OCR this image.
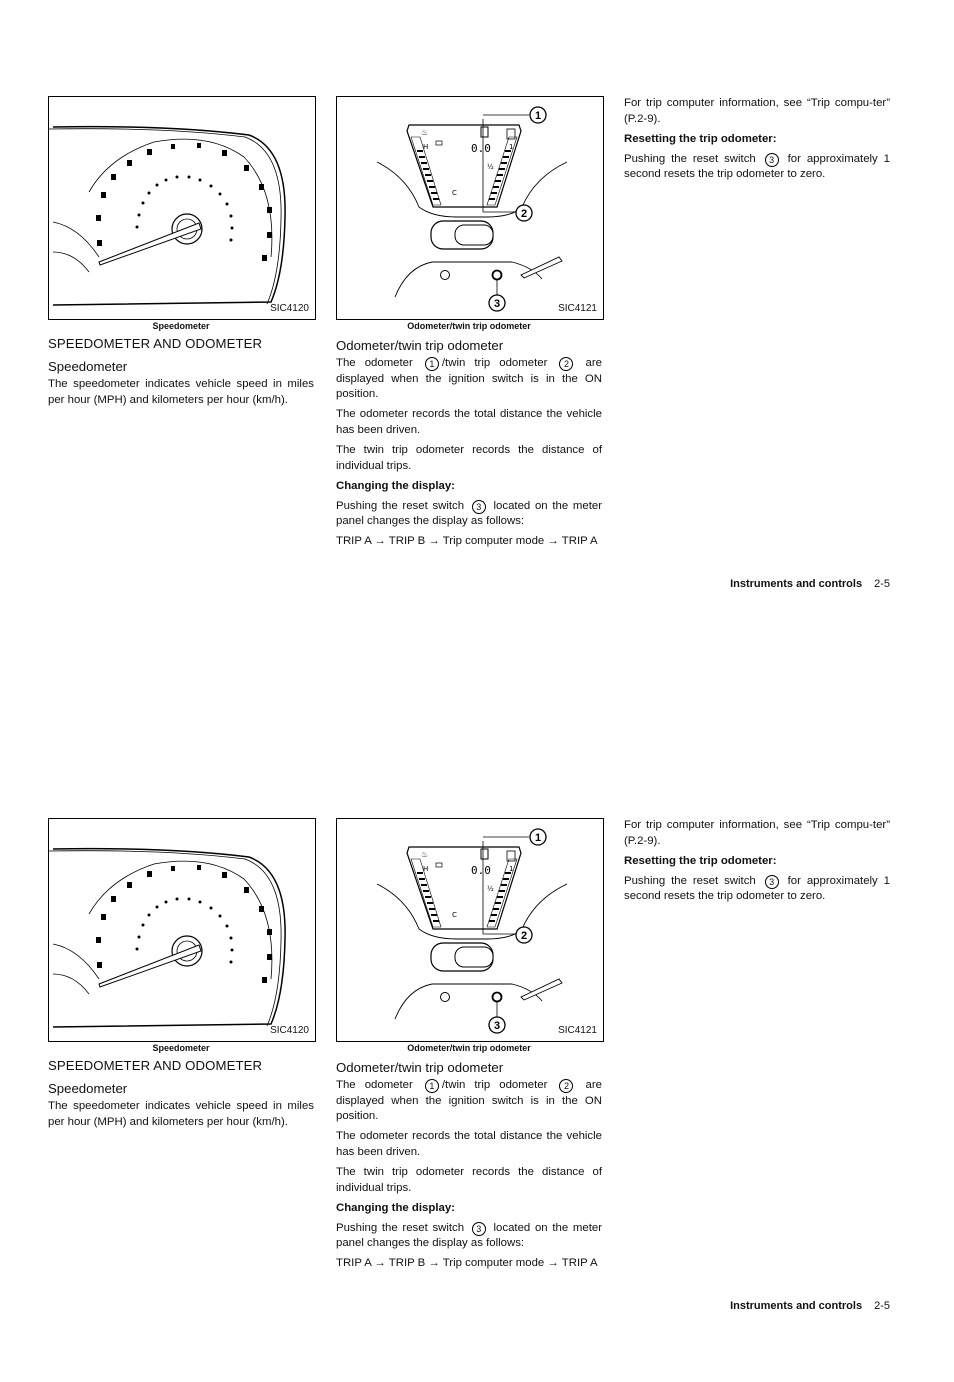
SIC4120
Speedometer
1
2
3	SIC4121
Odometer/twin trip odometer
SPEEDOMETER AND ODOMETER
Speedometer

The speedometer indicates vehicle speed in miles per hour (MPH) and kilometers per hour (km/h).

Odometer/twin trip odometer

The odometer 1 /twin trip odometer 2 are displayed when the ignition switch is in the ON position.

The odometer records the total distance the vehicle has been driven.

The twin trip odometer records the distance of individual trips.

Changing the display:

Pushing the reset switch 3 located on the meter panel changes the display as follows:

TRIP A → TRIP B → Trip computer mode → TRIP A

For trip computer information, see “Trip compu-ter” (P.2-9).

Resetting the trip odometer:

Pushing the reset switch 3 for approximately 1 second resets the trip odometer to zero.

Instruments and controls 2-5
SIC4120
Speedometer
1
2
3	SIC4121
Odometer/twin trip odometer
SPEEDOMETER AND ODOMETER
Speedometer

The speedometer indicates vehicle speed in miles per hour (MPH) and kilometers per hour (km/h).

Odometer/twin trip odometer

The odometer 1 /twin trip odometer 2 are displayed when the ignition switch is in the ON position.

The odometer records the total distance the vehicle has been driven.

The twin trip odometer records the distance of individual trips.

Changing the display:

Pushing the reset switch 3 located on the meter panel changes the display as follows:

TRIP A → TRIP B → Trip computer mode → TRIP A

For trip computer information, see “Trip compu-ter” (P.2-9).

Resetting the trip odometer:

Pushing the reset switch 3 for approximately 1 second resets the trip odometer to zero.

Instruments and controls 2-5
